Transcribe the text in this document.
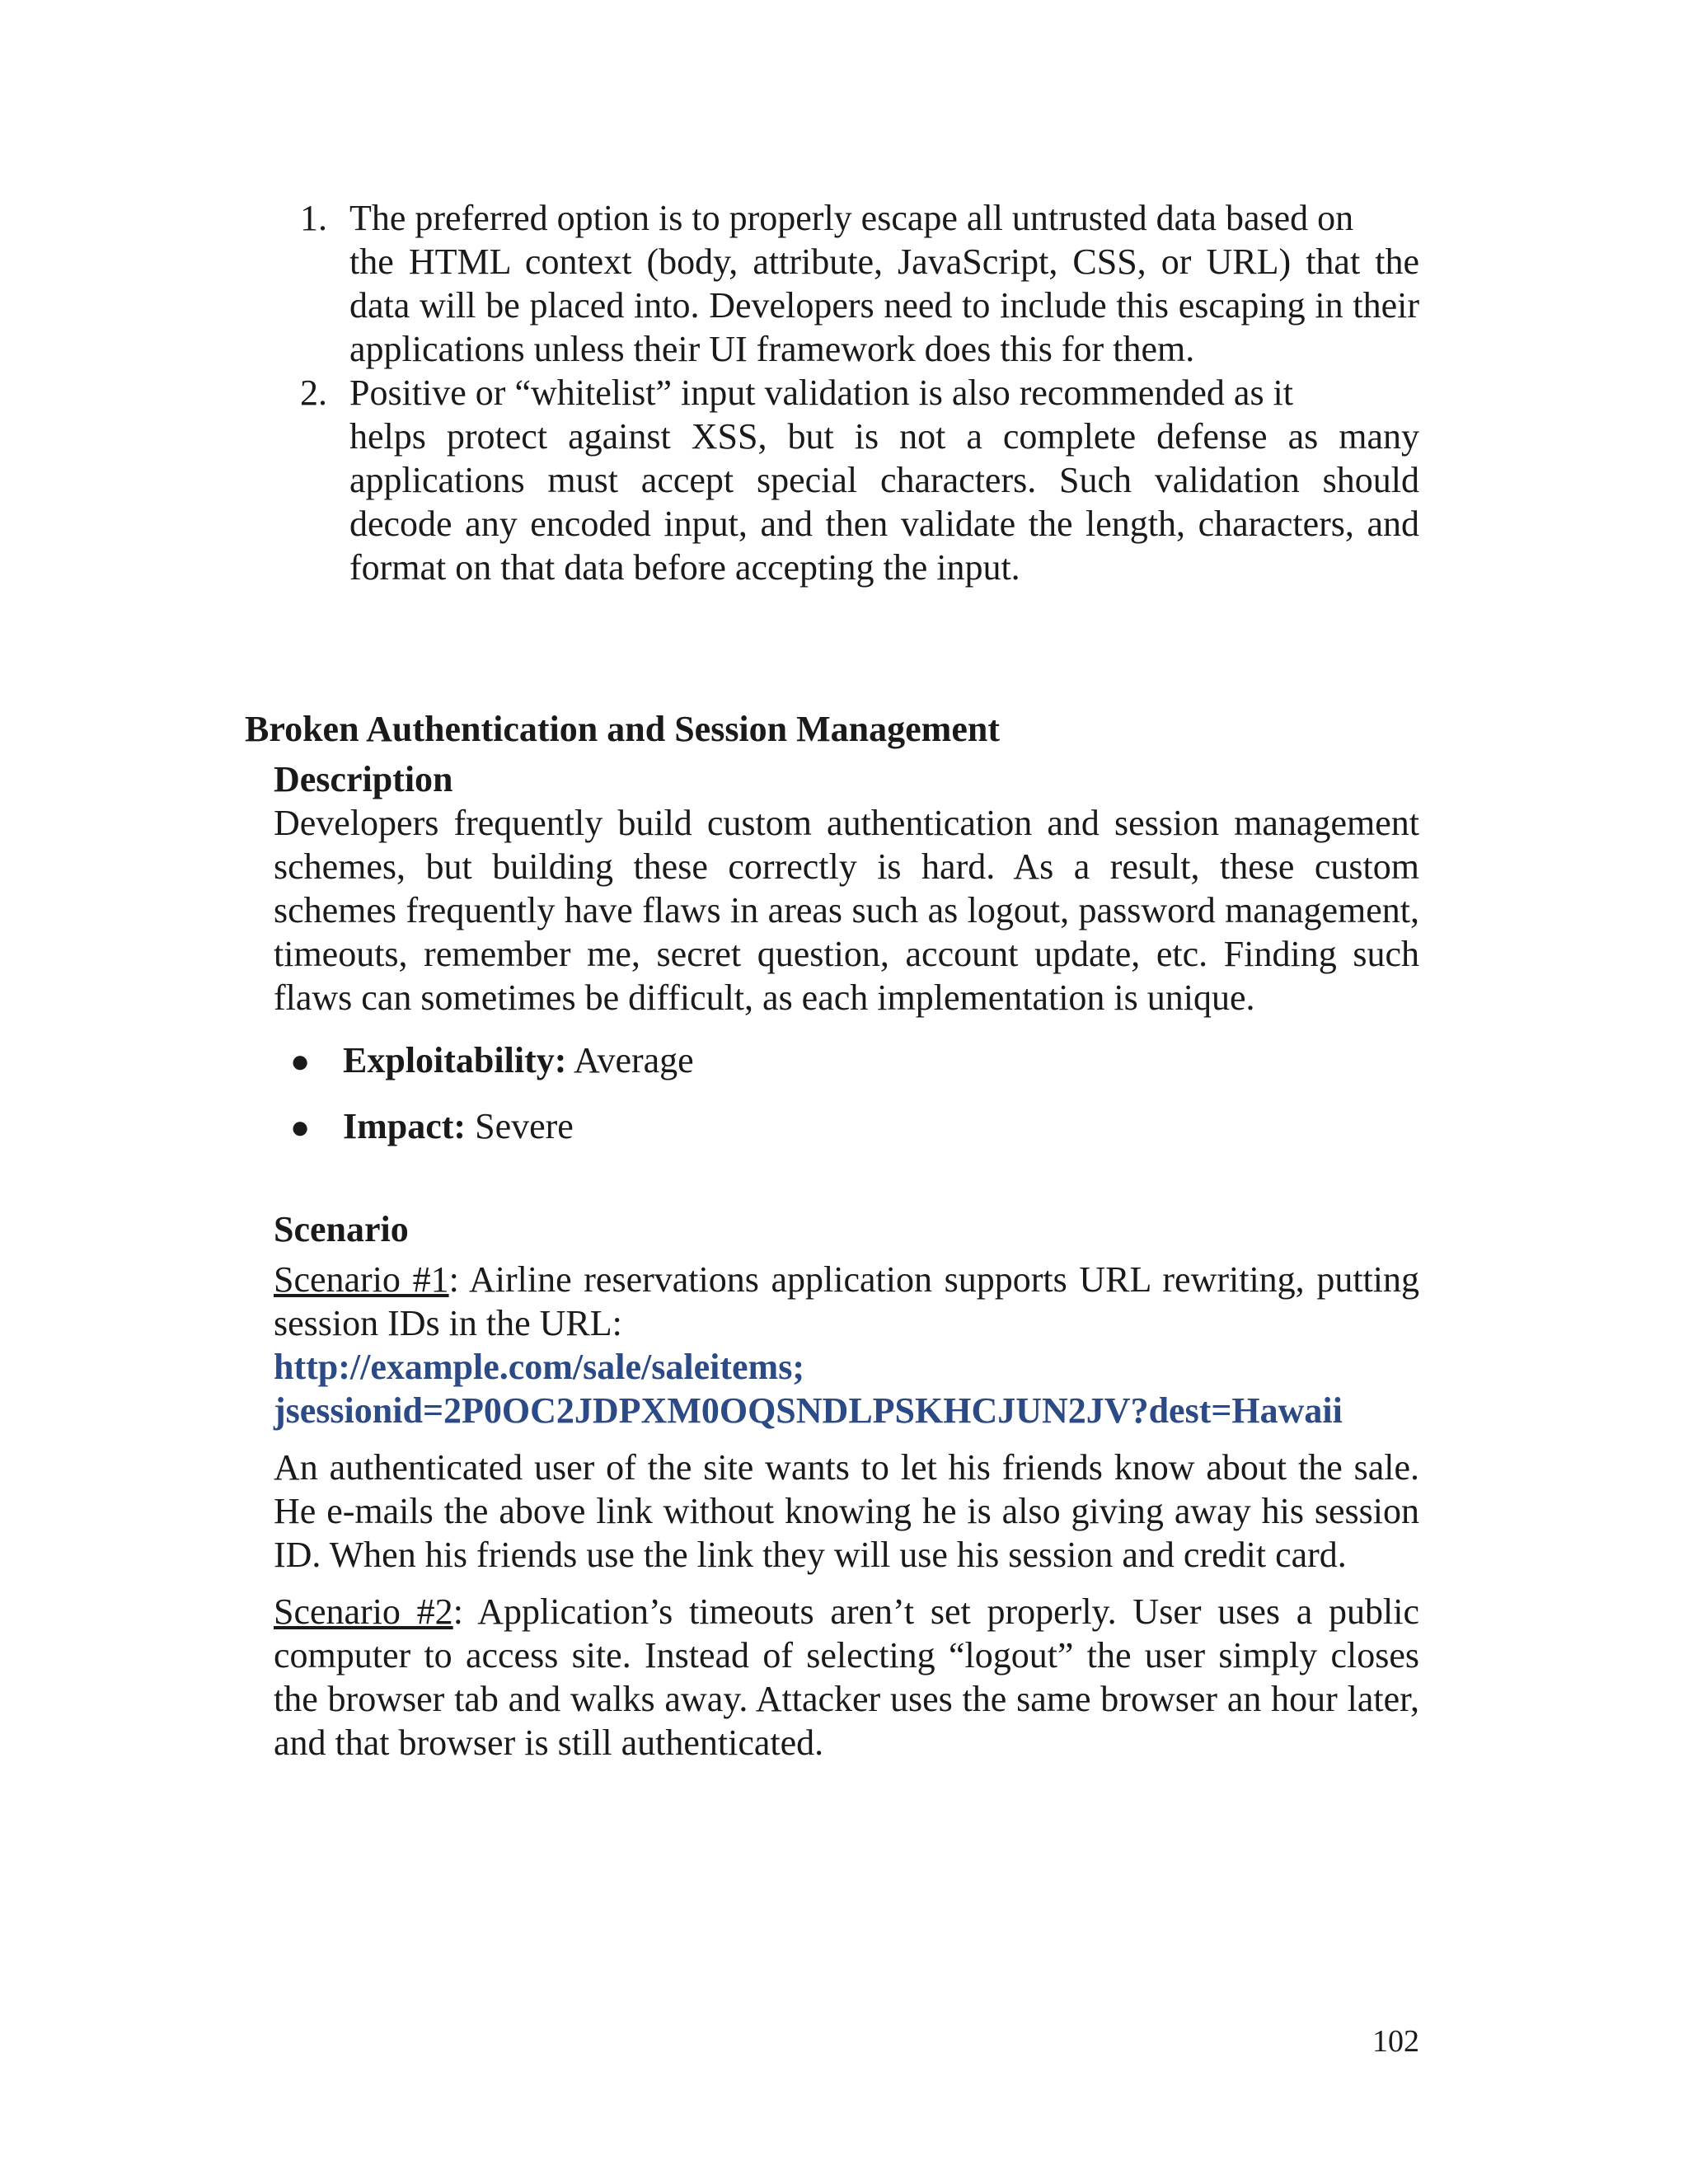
1. The preferred option is to properly escape all untrusted data based on
the HTML context (body, attribute, JavaScript, CSS, or URL) that the data will be placed into. Developers need to include this escaping in their applications unless their UI framework does this for them.
2. Positive or “whitelist” input validation is also recommended as it
helps protect against XSS, but is not a complete defense as many applications must accept special characters. Such validation should decode any encoded input, and then validate the length, characters, and format on that data before accepting the input.
Broken Authentication and Session Management
Description

Developers frequently build custom authentication and session management schemes, but building these correctly is hard. As a result, these custom schemes frequently have flaws in areas such as logout, password management, timeouts, remember me, secret question, account update, etc. Finding such flaws can sometimes be difficult, as each implementation is unique.

● Exploitability: Average
● Impact: Severe
Scenario

Scenario #1: Airline reservations application supports URL rewriting, putting session IDs in the URL:

http://example.com/sale/saleitems;
jsessionid=2P0OC2JDPXM0OQSNDLPSKHCJUN2JV?dest=Hawaii

An authenticated user of the site wants to let his friends know about the sale. He e-mails the above link without knowing he is also giving away his session ID. When his friends use the link they will use his session and credit card.

Scenario #2: Application’s timeouts aren’t set properly. User uses a public computer to access site. Instead of selecting “logout” the user simply closes the browser tab and walks away. Attacker uses the same browser an hour later, and that browser is still authenticated.

102
